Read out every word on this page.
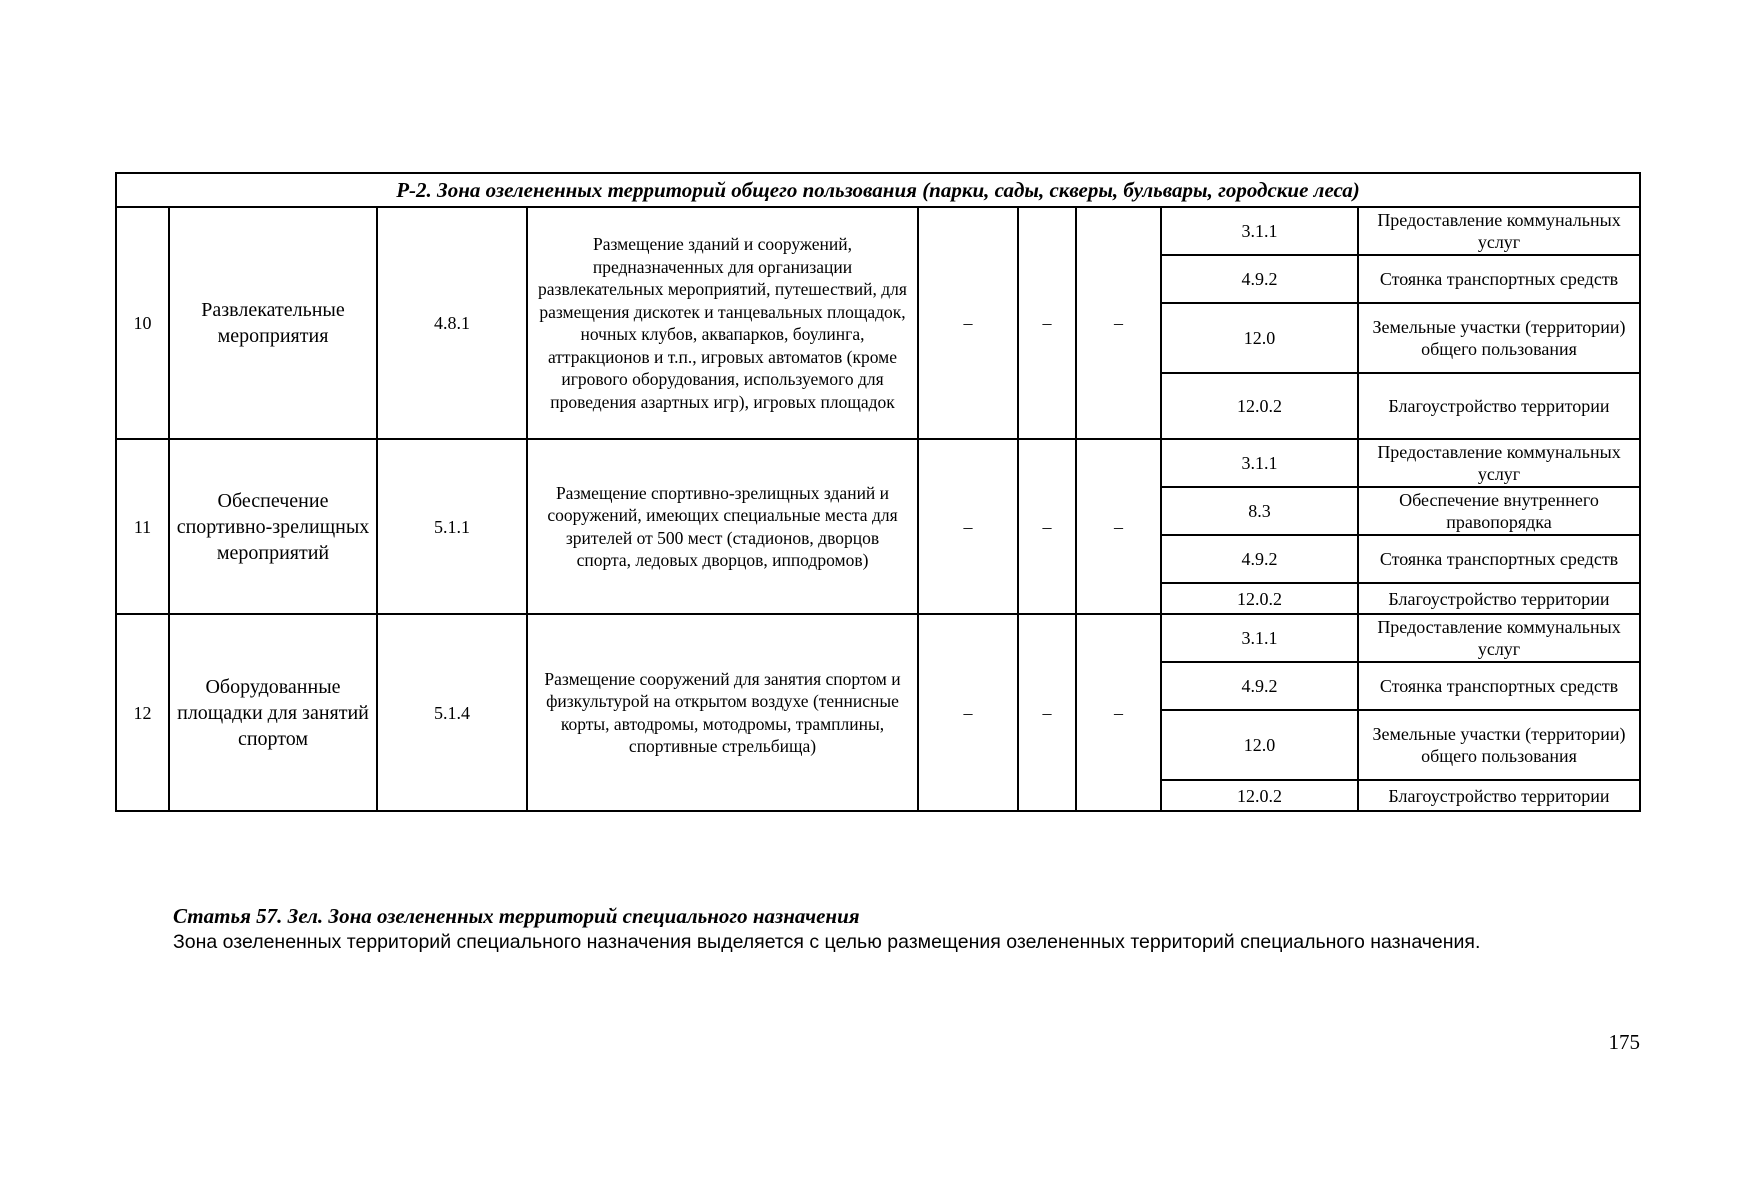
Р-2. Зона озелененных территорий общего пользования (парки, сады, скверы, бульвары, городские леса)								
10	Развлекательные мероприятия	4.8.1	Размещение зданий и сооружений, предназначенных для организации развлекательных мероприятий, путешествий, для размещения дискотек и танцевальных площадок, ночных клубов, аквапарков, боулинга, аттракционов и т.п., игровых автоматов (кроме игрового оборудования, используемого для проведения азартных игр), игровых площадок	–	–	–	3.1.1	Предоставление коммунальных услуг
							4.9.2	Стоянка транспортных средств
							12.0	Земельные участки (территории) общего пользования
							12.0.2	Благоустройство территории
11	Обеспечение спортивно-зрелищных мероприятий	5.1.1	Размещение спортивно-зрелищных зданий и сооружений, имеющих специальные места для зрителей от 500 мест (стадионов, дворцов спорта, ледовых дворцов, ипподромов)	–	–	–	3.1.1	Предоставление коммунальных услуг
							8.3	Обеспечение внутреннего правопорядка
							4.9.2	Стоянка транспортных средств
							12.0.2	Благоустройство территории
12	Оборудованные площадки для занятий спортом	5.1.4	Размещение сооружений для занятия спортом и физкультурой на открытом воздухе (теннисные корты, автодромы, мотодромы, трамплины, спортивные стрельбища)	–	–	–	3.1.1	Предоставление коммунальных услуг
							4.9.2	Стоянка транспортных средств
							12.0	Земельные участки (территории) общего пользования
							12.0.2	Благоустройство территории
Статья 57. Зел. Зона озелененных территорий специального назначения
Зона озелененных территорий специального назначения выделяется с целью размещения озелененных территорий специального назначения.
175
